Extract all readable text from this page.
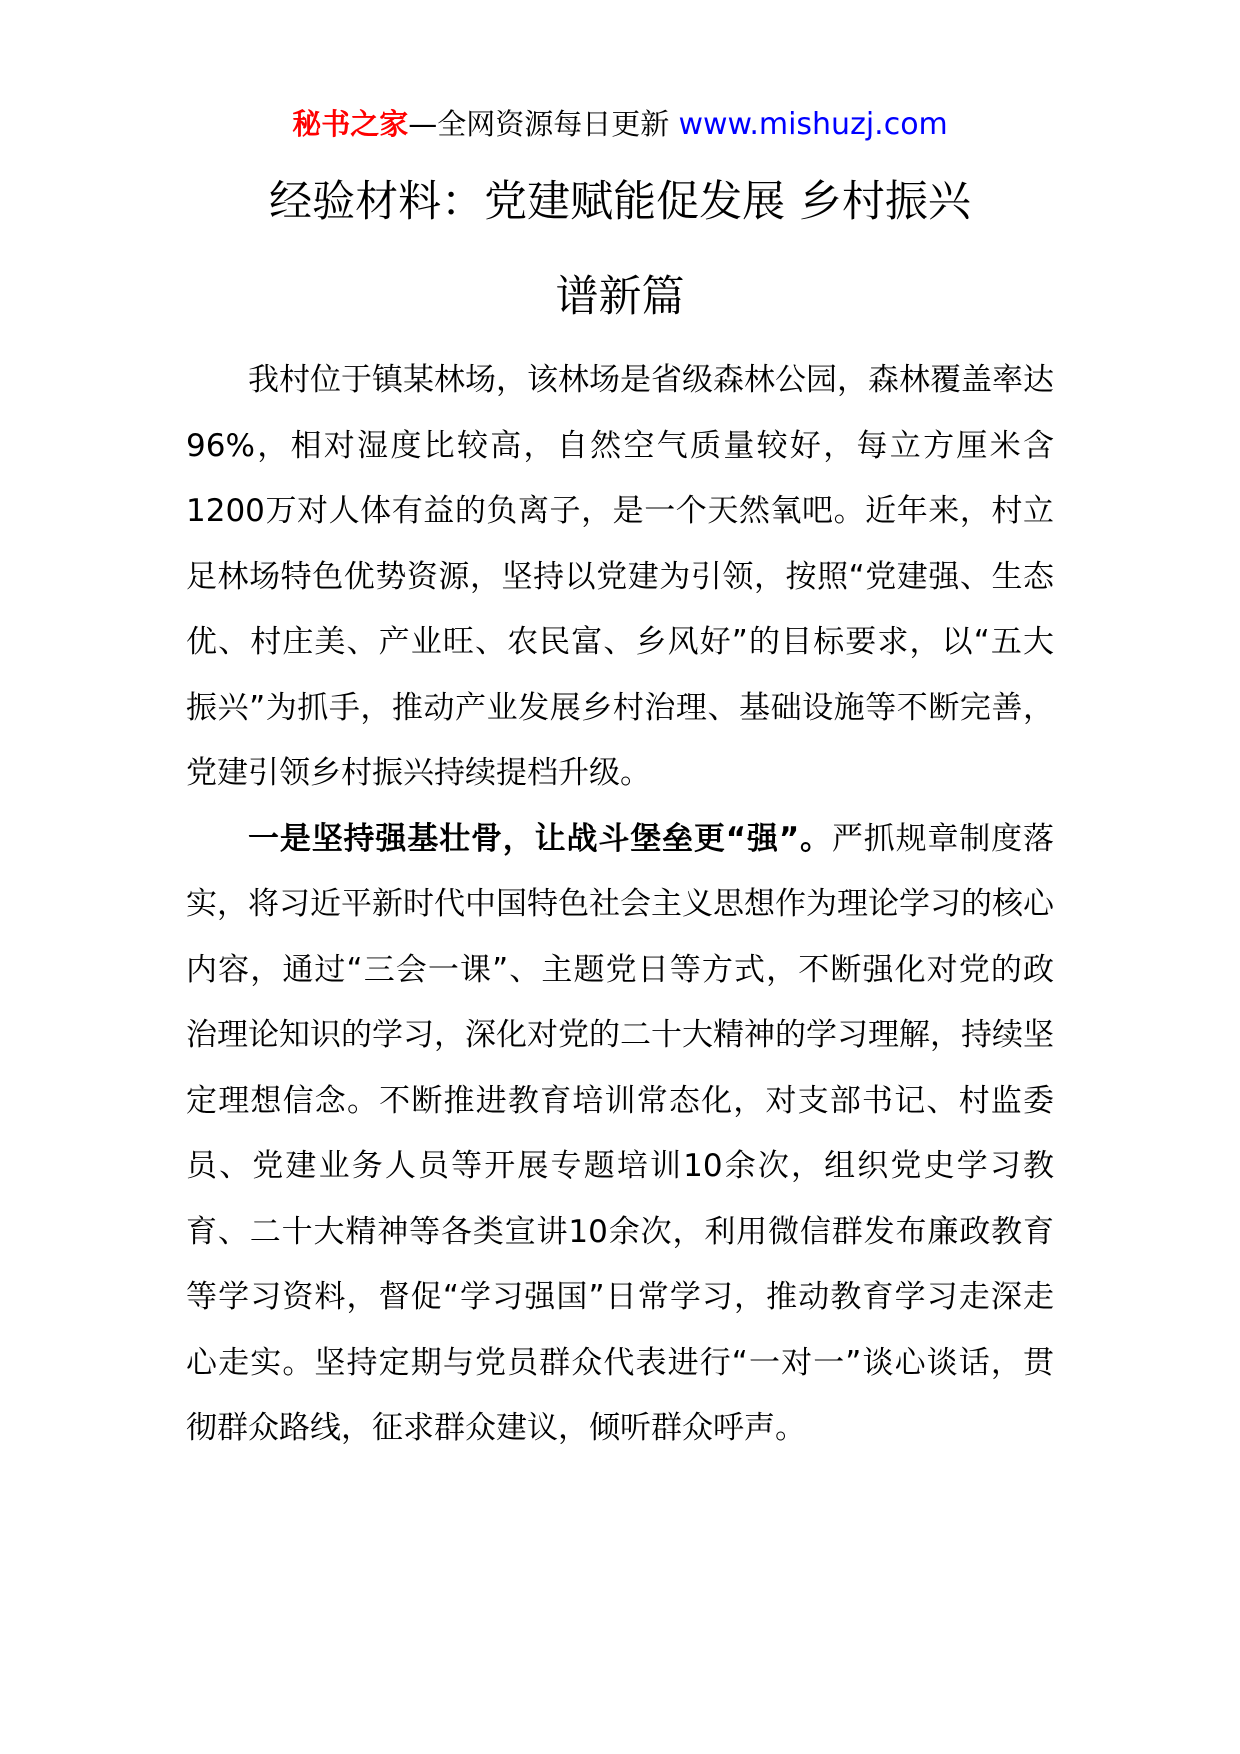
秘书之家—全网资源每日更新 www.mishuzj.com
经验材料：党建赋能促发展 乡村振兴
谱新篇

我村位于镇某林场，该林场是省级森林公园，森林覆盖率达96%，相对湿度比较高，自然空气质量较好，每立方厘米含1200万对人体有益的负离子，是一个天然氧吧。近年来，村立足林场特色优势资源，坚持以党建为引领，按照“党建强、生态优、村庄美、产业旺、农民富、乡风好”的目标要求，以“五大振兴”为抓手，推动产业发展乡村治理、基础设施等不断完善，党建引领乡村振兴持续提档升级。

一是坚持强基壮骨，让战斗堡垒更“强”。严抓规章制度落实，将习近平新时代中国特色社会主义思想作为理论学习的核心内容，通过“三会一课”、主题党日等方式，不断强化对党的政治理论知识的学习，深化对党的二十大精神的学习理解，持续坚定理想信念。不断推进教育培训常态化，对支部书记、村监委员、党建业务人员等开展专题培训10余次，组织党史学习教育、二十大精神等各类宣讲10余次，利用微信群发布廉政教育等学习资料，督促“学习强国”日常学习，推动教育学习走深走心走实。坚持定期与党员群众代表进行“一对一”谈心谈话，贯彻群众路线，征求群众建议，倾听群众呼声。
